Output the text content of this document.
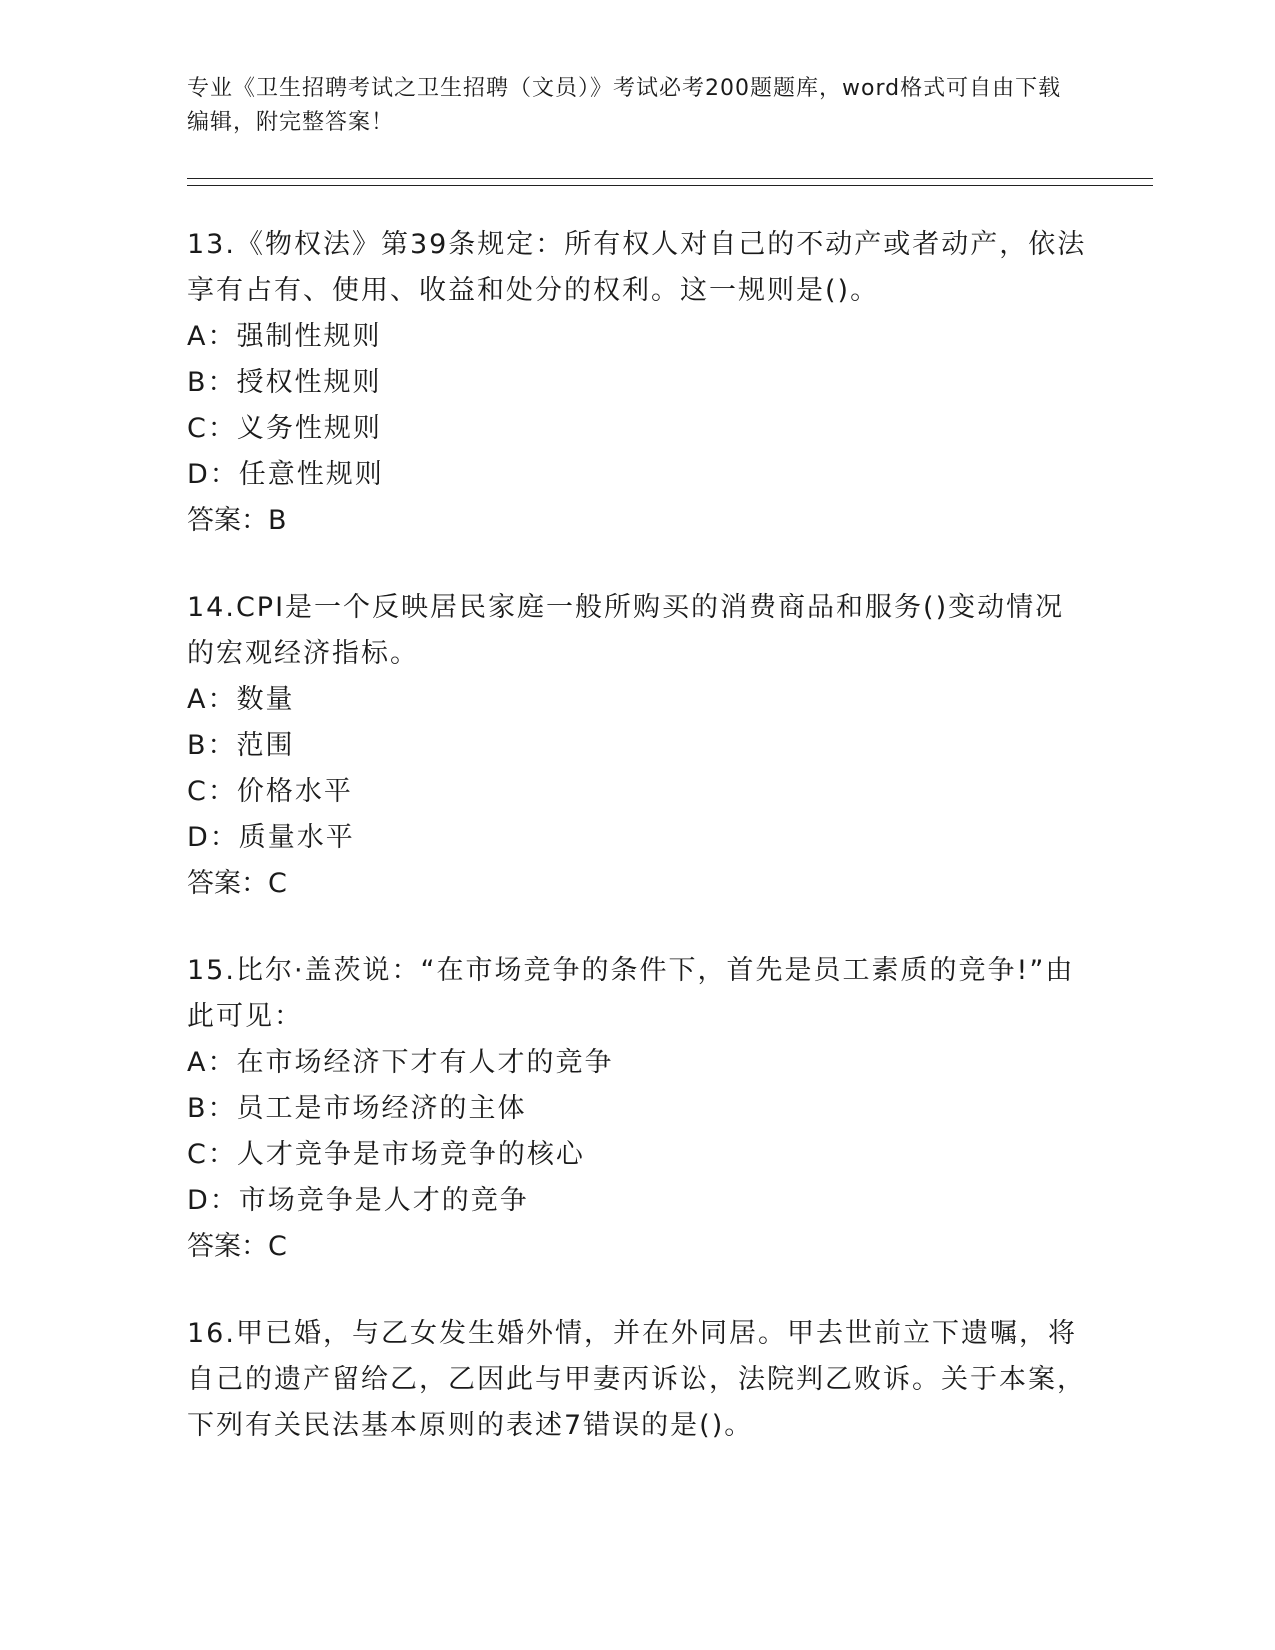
专业《卫生招聘考试之卫生招聘（文员）》考试必考200题题库，word格式可自由下载编辑，附完整答案！
13.《物权法》第39条规定：所有权人对自己的不动产或者动产，依法享有占有、使用、收益和处分的权利。这一规则是()。
A：强制性规则
B：授权性规则
C：义务性规则
D：任意性规则
答案：B
14.CPI是一个反映居民家庭一般所购买的消费商品和服务()变动情况的宏观经济指标。
A：数量
B：范围
C：价格水平
D：质量水平
答案：C
15.比尔·盖茨说：“在市场竞争的条件下，首先是员工素质的竞争!”由此可见：
A：在市场经济下才有人才的竞争
B：员工是市场经济的主体
C：人才竞争是市场竞争的核心
D：市场竞争是人才的竞争
答案：C
16.甲已婚，与乙女发生婚外情，并在外同居。甲去世前立下遗嘱，将自己的遗产留给乙，乙因此与甲妻丙诉讼，法院判乙败诉。关于本案，下列有关民法基本原则的表述7错误的是()。
